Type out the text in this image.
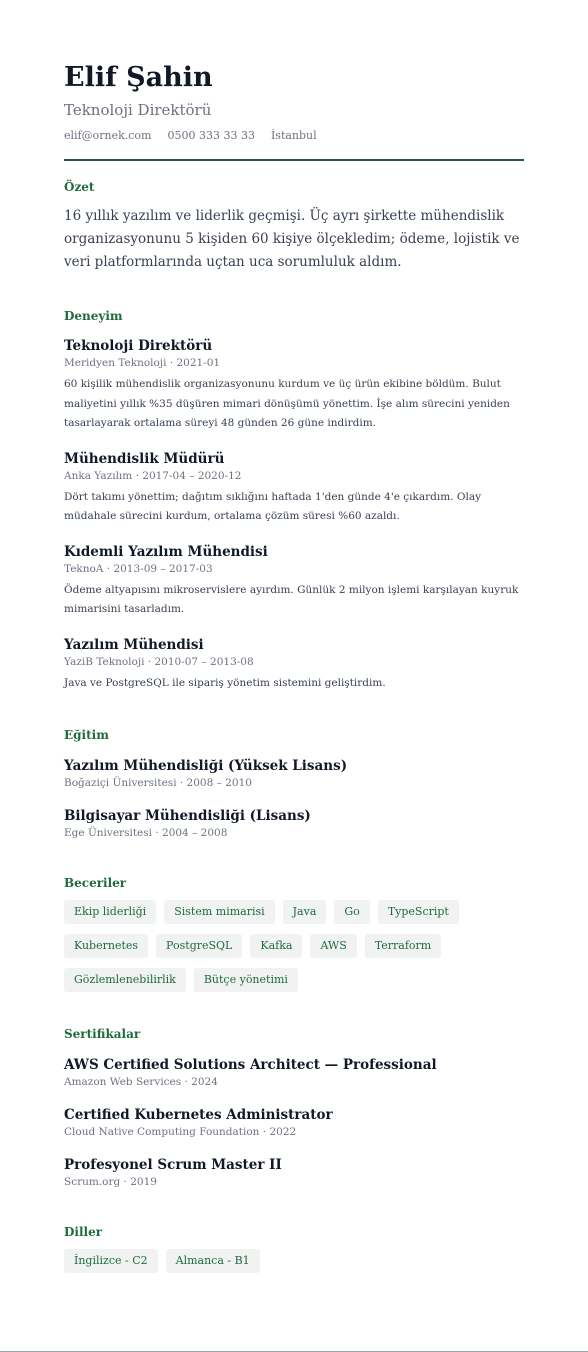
Elif Şahin
Teknoloji Direktörü
elif@ornek.com 0500 333 33 33 İstanbul
Özet

16 yıllık yazılım ve liderlik geçmişi. Üç ayrı şirkette mühendislik organizasyonunu 5 kişiden 60 kişiye ölçekledim; ödeme, lojistik ve veri platformlarında uçtan uca sorumluluk aldım.

Deneyim
Teknoloji Direktörü
Meridyen Teknoloji · 2021-01
60 kişilik mühendislik organizasyonunu kurdum ve üç ürün ekibine böldüm. Bulut maliyetini yıllık %35 düşüren mimari dönüşümü yönettim. İşe alım sürecini yeniden tasarlayarak ortalama süreyi 48 günden 26 güne indirdim.
Mühendislik Müdürü
Anka Yazılım · 2017-04 – 2020-12
Dört takımı yönettim; dağıtım sıklığını haftada 1'den günde 4'e çıkardım. Olay müdahale sürecini kurdum, ortalama çözüm süresi %60 azaldı.
Kıdemli Yazılım Mühendisi
TeknoA · 2013-09 – 2017-03
Ödeme altyapısını mikroservislere ayırdım. Günlük 2 milyon işlemi karşılayan kuyruk mimarisini tasarladım.
Yazılım Mühendisi
YaziB Teknoloji · 2010-07 – 2013-08
Java ve PostgreSQL ile sipariş yönetim sistemini geliştirdim.
Eğitim
Yazılım Mühendisliği (Yüksek Lisans)
Boğaziçi Üniversitesi · 2008 – 2010
Bilgisayar Mühendisliği (Lisans)
Ege Üniversitesi · 2004 – 2008
Beceriler
Ekip liderliği	Sistem mimarisi	Java	Go	TypeScript
Kubernetes	PostgreSQL	Kafka	AWS	Terraform
Gözlemlenebilirlik	Bütçe yönetimi
Sertifikalar
AWS Certified Solutions Architect — Professional
Amazon Web Services · 2024
Certified Kubernetes Administrator
Cloud Native Computing Foundation · 2022
Profesyonel Scrum Master II
Scrum.org · 2019
Diller
İngilizce - C2	Almanca - B1
